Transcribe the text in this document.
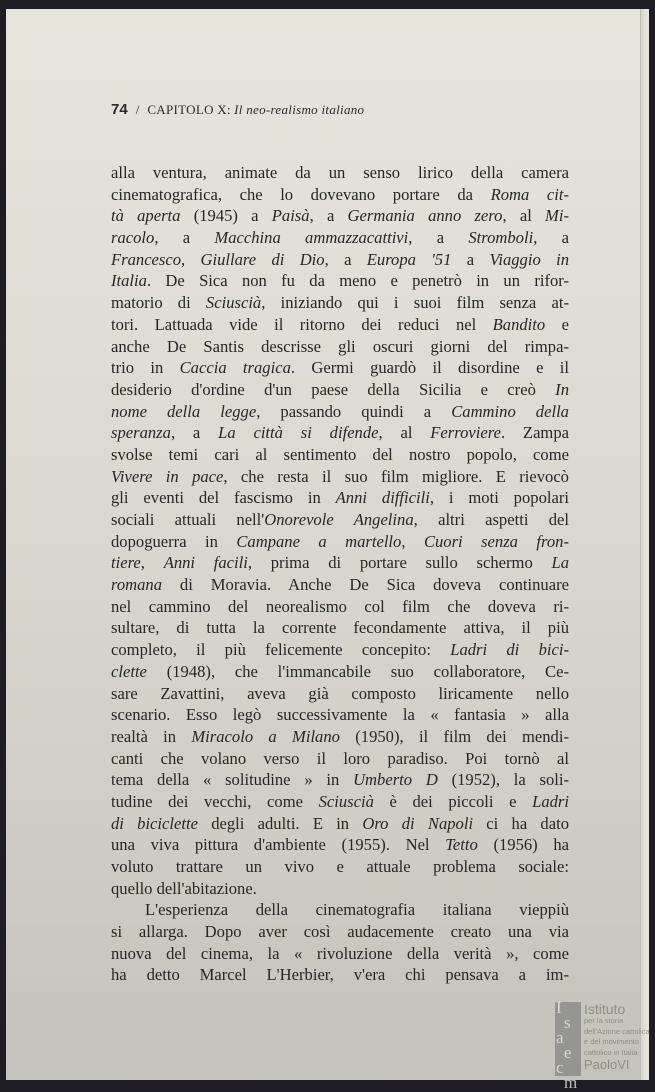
74 / CAPITOLO X: Il neo-realismo italiano
alla ventura, animate da un senso lirico della camera
cinematografica, che lo dovevano portare da Roma cit-
tà aperta (1945) a Paisà, a Germania anno zero, al Mi-
racolo, a Macchina ammazzacattivi, a Stromboli, a
Francesco, Giullare di Dio, a Europa '51 a Viaggio in
Italia. De Sica non fu da meno e penetrò in un rifor-
matorio di Sciuscià, iniziando qui i suoi film senza at-
tori. Lattuada vide il ritorno dei reduci nel Bandito e
anche De Santis descrisse gli oscuri giorni del rimpa-
trio in Caccia tragica. Germi guardò il disordine e il
desiderio d'ordine d'un paese della Sicilia e creò In
nome della legge, passando quindi a Cammino della
speranza, a La città si difende, al Ferroviere. Zampa
svolse temi cari al sentimento del nostro popolo, come
Vivere in pace, che resta il suo film migliore. E rievocò
gli eventi del fascismo in Anni difficili, i moti popolari
sociali attuali nell'Onorevole Angelina, altri aspetti del
dopoguerra in Campane a martello, Cuori senza fron-
tiere, Anni facili, prima di portare sullo schermo La
romana di Moravia. Anche De Sica doveva continuare
nel cammino del neorealismo col film che doveva ri-
sultare, di tutta la corrente fecondamente attiva, il più
completo, il più felicemente concepito: Ladri di bici-
clette (1948), che l'immancabile suo collaboratore, Ce-
sare Zavattini, aveva già composto liricamente nello
scenario. Esso legò successivamente la « fantasia » alla
realtà in Miracolo a Milano (1950), il film dei mendi-
canti che volano verso il loro paradiso. Poi tornò al
tema della « solitudine » in Umberto D (1952), la soli-
tudine dei vecchi, come Sciuscià è dei piccoli e Ladri
di biciclette degli adulti. E in Oro di Napoli ci ha dato
una viva pittura d'ambiente (1955). Nel Tetto (1956) ha
voluto trattare un vivo e attuale problema sociale:
quello dell'abitazione.
L'esperienza della cinematografia italiana vieppiù
si allarga. Dopo aver così audacemente creato una via
nuova del cinema, la « rivoluzione della verità », come
ha detto Marcel L'Herbier, v'era chi pensava a im-
I
s
a
e
c
m
Istituto
per la storia
dell'Azione cattolica
e del movimento
cattolico in Italia
PaoloVI
